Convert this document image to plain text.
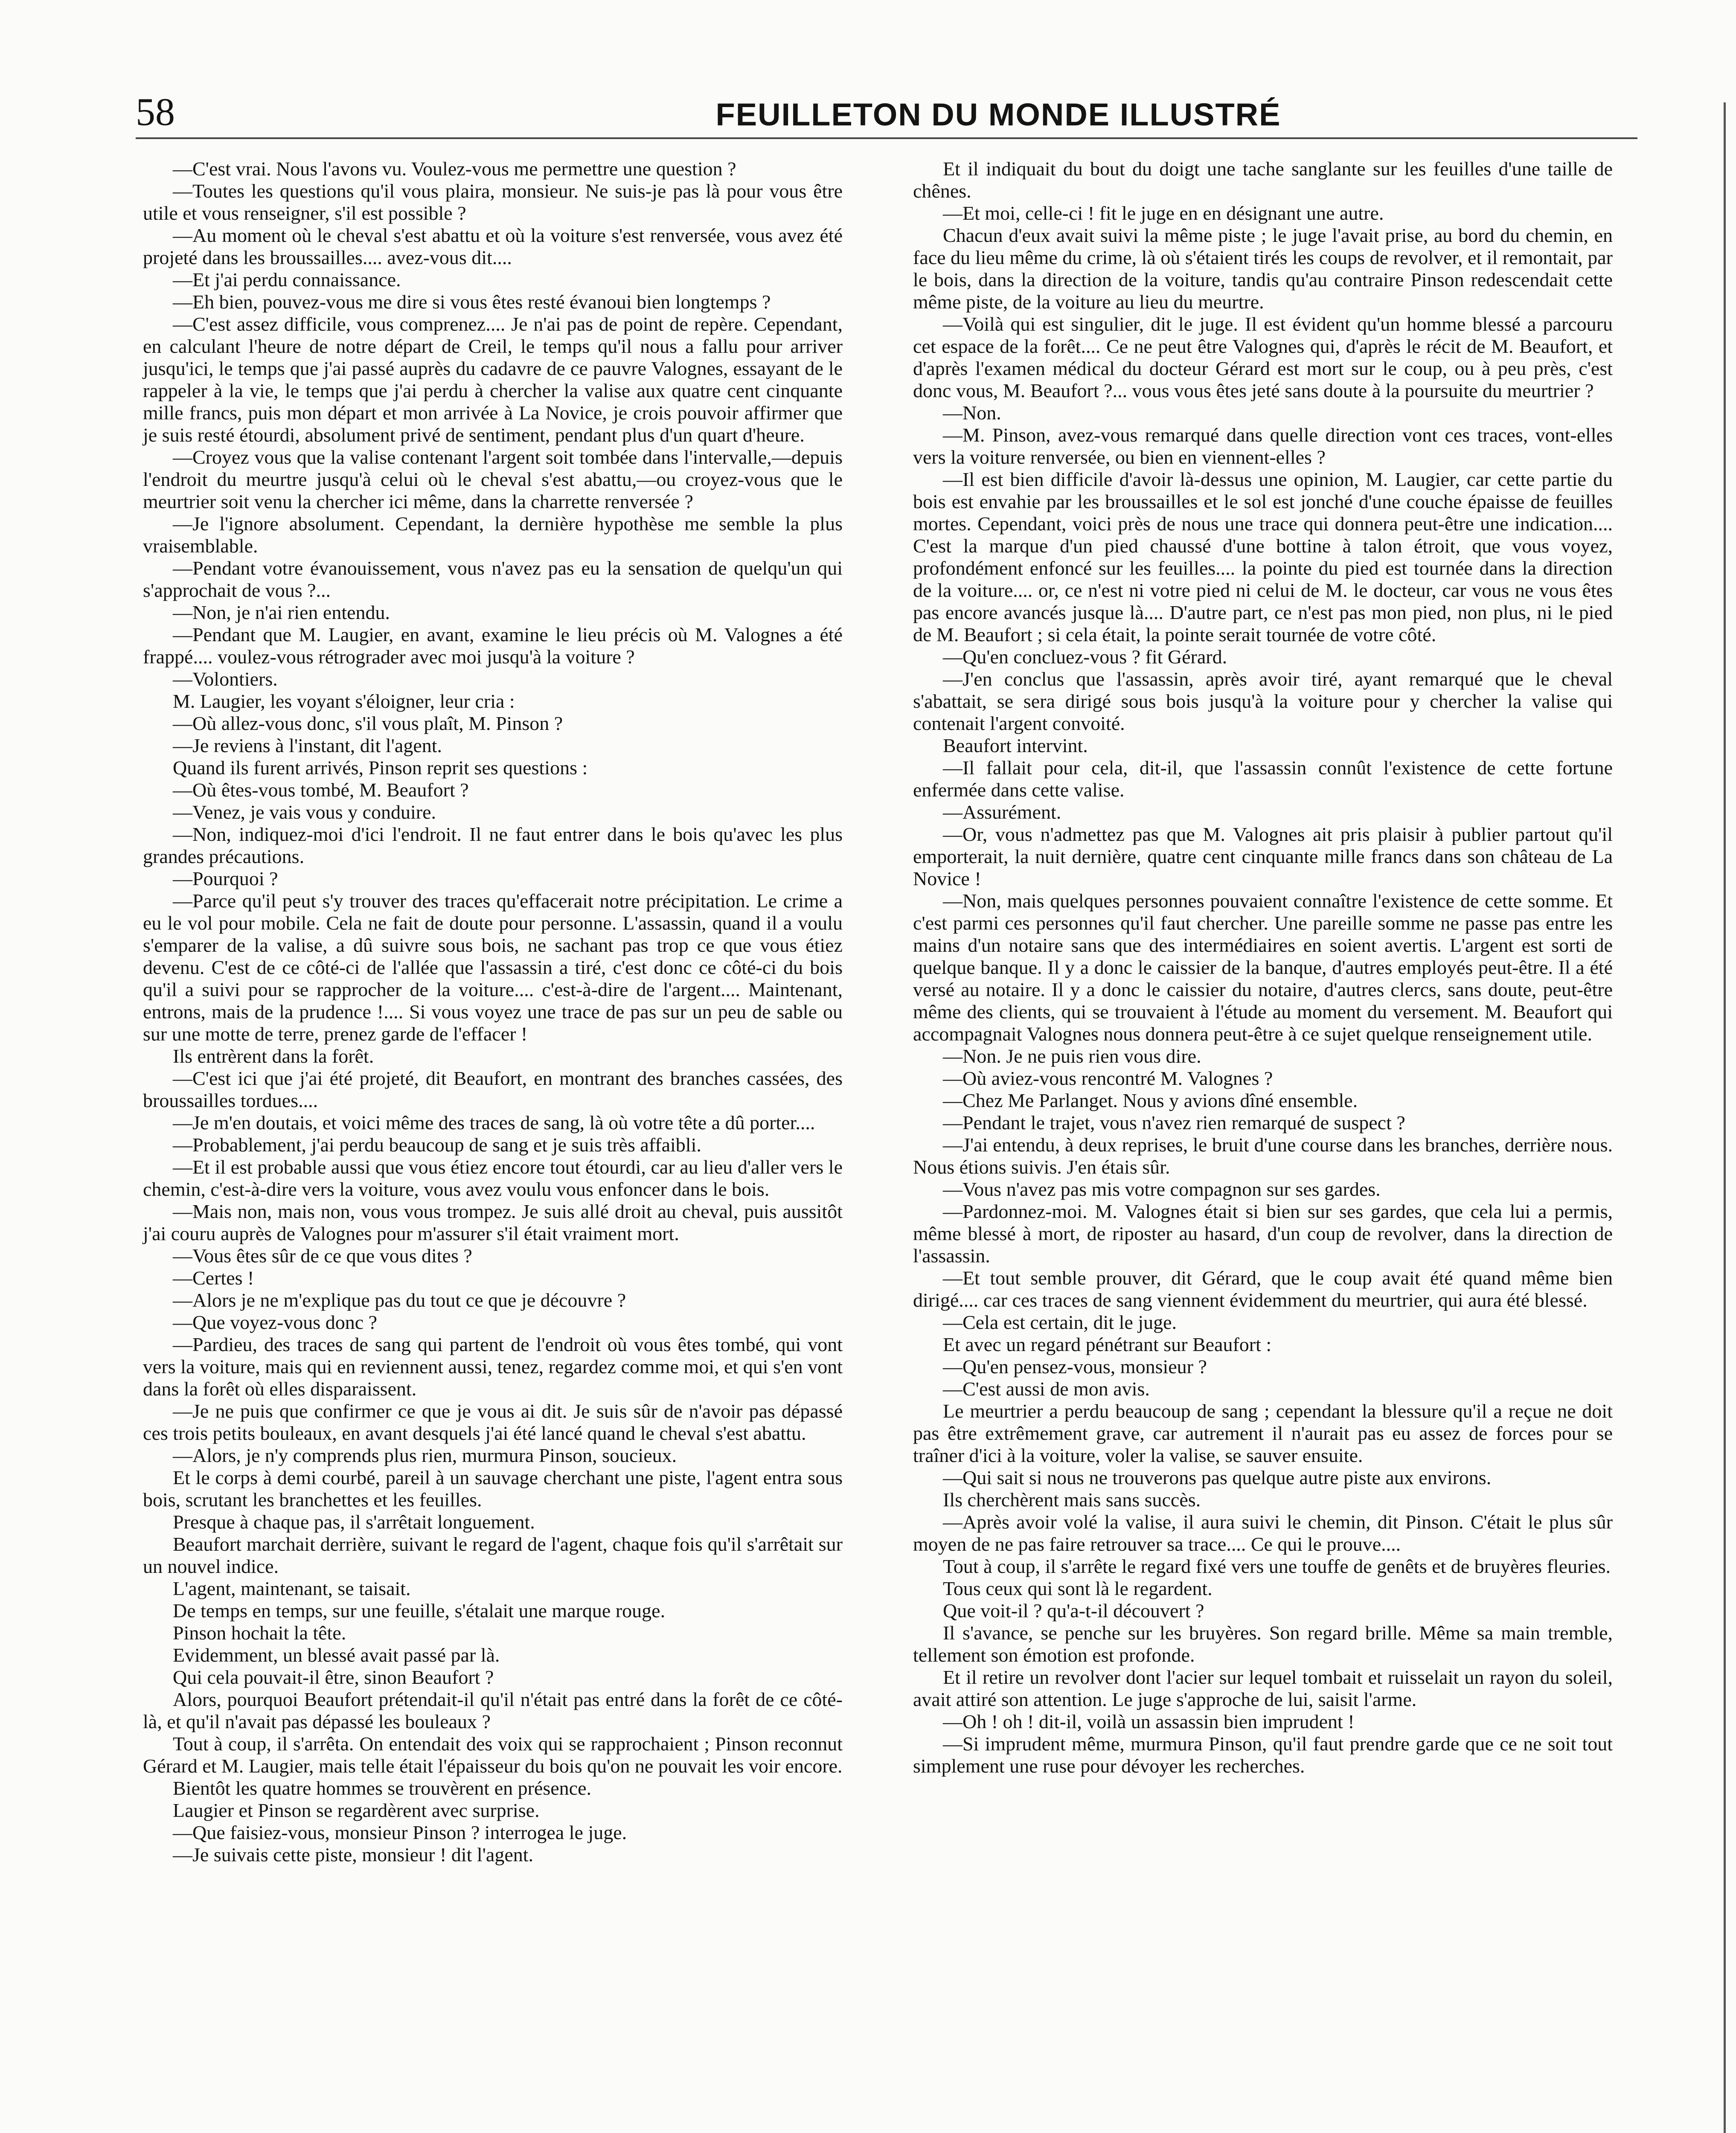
58	FEUILLETON DU MONDE ILLUSTRÉ

—C'est vrai. Nous l'avons vu. Voulez-vous me permettre une question ?

—Toutes les questions qu'il vous plaira, monsieur. Ne suis-je pas là pour vous être utile et vous renseigner, s'il est possible ?

—Au moment où le cheval s'est abattu et où la voiture s'est renversée, vous avez été projeté dans les broussailles.... avez-vous dit....

—Et j'ai perdu connaissance.

—Eh bien, pouvez-vous me dire si vous êtes resté évanoui bien longtemps ?

—C'est assez difficile, vous comprenez.... Je n'ai pas de point de repère. Cependant, en calculant l'heure de notre départ de Creil, le temps qu'il nous a fallu pour arriver jusqu'ici, le temps que j'ai passé auprès du cadavre de ce pauvre Valognes, essayant de le rappeler à la vie, le temps que j'ai perdu à chercher la valise aux quatre cent cinquante mille francs, puis mon départ et mon arrivée à La Novice, je crois pouvoir affirmer que je suis resté étourdi, absolument privé de sentiment, pendant plus d'un quart d'heure.

—Croyez vous que la valise contenant l'argent soit tombée dans l'intervalle,—depuis l'endroit du meurtre jusqu'à celui où le cheval s'est abattu,—ou croyez-vous que le meurtrier soit venu la chercher ici même, dans la charrette renversée ?

—Je l'ignore absolument. Cependant, la dernière hypothèse me semble la plus vraisemblable.

—Pendant votre évanouissement, vous n'avez pas eu la sensation de quelqu'un qui s'approchait de vous ?...

—Non, je n'ai rien entendu.

—Pendant que M. Laugier, en avant, examine le lieu précis où M. Valognes a été frappé.... voulez-vous rétrograder avec moi jusqu'à la voiture ?

—Volontiers.

M. Laugier, les voyant s'éloigner, leur cria :

—Où allez-vous donc, s'il vous plaît, M. Pinson ?

—Je reviens à l'instant, dit l'agent.

Quand ils furent arrivés, Pinson reprit ses questions :

—Où êtes-vous tombé, M. Beaufort ?

—Venez, je vais vous y conduire.

—Non, indiquez-moi d'ici l'endroit. Il ne faut entrer dans le bois qu'avec les plus grandes précautions.

—Pourquoi ?

—Parce qu'il peut s'y trouver des traces qu'effacerait notre précipitation. Le crime a eu le vol pour mobile. Cela ne fait de doute pour personne. L'assassin, quand il a voulu s'emparer de la valise, a dû suivre sous bois, ne sachant pas trop ce que vous étiez devenu. C'est de ce côté-ci de l'allée que l'assassin a tiré, c'est donc ce côté-ci du bois qu'il a suivi pour se rapprocher de la voiture.... c'est-à-dire de l'argent.... Maintenant, entrons, mais de la prudence !.... Si vous voyez une trace de pas sur un peu de sable ou sur une motte de terre, prenez garde de l'effacer !

Ils entrèrent dans la forêt.

—C'est ici que j'ai été projeté, dit Beaufort, en montrant des branches cassées, des broussailles tordues....

—Je m'en doutais, et voici même des traces de sang, là où votre tête a dû porter....

—Probablement, j'ai perdu beaucoup de sang et je suis très affaibli.

—Et il est probable aussi que vous étiez encore tout étourdi, car au lieu d'aller vers le chemin, c'est-à-dire vers la voiture, vous avez voulu vous enfoncer dans le bois.

—Mais non, mais non, vous vous trompez. Je suis allé droit au cheval, puis aussitôt j'ai couru auprès de Valognes pour m'assurer s'il était vraiment mort.

—Vous êtes sûr de ce que vous dites ?

—Certes !

—Alors je ne m'explique pas du tout ce que je découvre ?

—Que voyez-vous donc ?

—Pardieu, des traces de sang qui partent de l'endroit où vous êtes tombé, qui vont vers la voiture, mais qui en reviennent aussi, tenez, regardez comme moi, et qui s'en vont dans la forêt où elles disparaissent.

—Je ne puis que confirmer ce que je vous ai dit. Je suis sûr de n'avoir pas dépassé ces trois petits bouleaux, en avant desquels j'ai été lancé quand le cheval s'est abattu.

—Alors, je n'y comprends plus rien, murmura Pinson, soucieux.

Et le corps à demi courbé, pareil à un sauvage cherchant une piste, l'agent entra sous bois, scrutant les branchettes et les feuilles.

Presque à chaque pas, il s'arrêtait longuement.

Beaufort marchait derrière, suivant le regard de l'agent, chaque fois qu'il s'arrêtait sur un nouvel indice.

L'agent, maintenant, se taisait.

De temps en temps, sur une feuille, s'étalait une marque rouge.

Pinson hochait la tête.

Evidemment, un blessé avait passé par là.

Qui cela pouvait-il être, sinon Beaufort ?

Alors, pourquoi Beaufort prétendait-il qu'il n'était pas entré dans la forêt de ce côté-là, et qu'il n'avait pas dépassé les bouleaux ?

Tout à coup, il s'arrêta. On entendait des voix qui se rapprochaient ; Pinson reconnut Gérard et M. Laugier, mais telle était l'épaisseur du bois qu'on ne pouvait les voir encore.

Bientôt les quatre hommes se trouvèrent en présence.

Laugier et Pinson se regardèrent avec surprise.

—Que faisiez-vous, monsieur Pinson ? interrogea le juge.

—Je suivais cette piste, monsieur ! dit l'agent.

Et il indiquait du bout du doigt une tache sanglante sur les feuilles d'une taille de chênes.

—Et moi, celle-ci ! fit le juge en en désignant une autre.

Chacun d'eux avait suivi la même piste ; le juge l'avait prise, au bord du chemin, en face du lieu même du crime, là où s'étaient tirés les coups de revolver, et il remontait, par le bois, dans la direction de la voiture, tandis qu'au contraire Pinson redescendait cette même piste, de la voiture au lieu du meurtre.

—Voilà qui est singulier, dit le juge. Il est évident qu'un homme blessé a parcouru cet espace de la forêt.... Ce ne peut être Valognes qui, d'après le récit de M. Beaufort, et d'après l'examen médical du docteur Gérard est mort sur le coup, ou à peu près, c'est donc vous, M. Beaufort ?... vous vous êtes jeté sans doute à la poursuite du meurtrier ?

—Non.

—M. Pinson, avez-vous remarqué dans quelle direction vont ces traces, vont-elles vers la voiture renversée, ou bien en viennent-elles ?

—Il est bien difficile d'avoir là-dessus une opinion, M. Laugier, car cette partie du bois est envahie par les broussailles et le sol est jonché d'une couche épaisse de feuilles mortes. Cependant, voici près de nous une trace qui donnera peut-être une indication.... C'est la marque d'un pied chaussé d'une bottine à talon étroit, que vous voyez, profondément enfoncé sur les feuilles.... la pointe du pied est tournée dans la direction de la voiture.... or, ce n'est ni votre pied ni celui de M. le docteur, car vous ne vous êtes pas encore avancés jusque là.... D'autre part, ce n'est pas mon pied, non plus, ni le pied de M. Beaufort ; si cela était, la pointe serait tournée de votre côté.

—Qu'en concluez-vous ? fit Gérard.

—J'en conclus que l'assassin, après avoir tiré, ayant remarqué que le cheval s'abattait, se sera dirigé sous bois jusqu'à la voiture pour y chercher la valise qui contenait l'argent convoité.

Beaufort intervint.

—Il fallait pour cela, dit-il, que l'assassin connût l'existence de cette fortune enfermée dans cette valise.

—Assurément.

—Or, vous n'admettez pas que M. Valognes ait pris plaisir à publier partout qu'il emporterait, la nuit dernière, quatre cent cinquante mille francs dans son château de La Novice !

—Non, mais quelques personnes pouvaient connaître l'existence de cette somme. Et c'est parmi ces personnes qu'il faut chercher. Une pareille somme ne passe pas entre les mains d'un notaire sans que des intermédiaires en soient avertis. L'argent est sorti de quelque banque. Il y a donc le caissier de la banque, d'autres employés peut-être. Il a été versé au notaire. Il y a donc le caissier du notaire, d'autres clercs, sans doute, peut-être même des clients, qui se trouvaient à l'étude au moment du versement. M. Beaufort qui accompagnait Valognes nous donnera peut-être à ce sujet quelque renseignement utile.

—Non. Je ne puis rien vous dire.

—Où aviez-vous rencontré M. Valognes ?

—Chez Me Parlanget. Nous y avions dîné ensemble.

—Pendant le trajet, vous n'avez rien remarqué de suspect ?

—J'ai entendu, à deux reprises, le bruit d'une course dans les branches, derrière nous. Nous étions suivis. J'en étais sûr.

—Vous n'avez pas mis votre compagnon sur ses gardes.

—Pardonnez-moi. M. Valognes était si bien sur ses gardes, que cela lui a permis, même blessé à mort, de riposter au hasard, d'un coup de revolver, dans la direction de l'assassin.

—Et tout semble prouver, dit Gérard, que le coup avait été quand même bien dirigé.... car ces traces de sang viennent évidemment du meurtrier, qui aura été blessé.

—Cela est certain, dit le juge.

Et avec un regard pénétrant sur Beaufort :

—Qu'en pensez-vous, monsieur ?

—C'est aussi de mon avis.

Le meurtrier a perdu beaucoup de sang ; cependant la blessure qu'il a reçue ne doit pas être extrêmement grave, car autrement il n'aurait pas eu assez de forces pour se traîner d'ici à la voiture, voler la valise, se sauver ensuite.

—Qui sait si nous ne trouverons pas quelque autre piste aux environs.

Ils cherchèrent mais sans succès.

—Après avoir volé la valise, il aura suivi le chemin, dit Pinson. C'était le plus sûr moyen de ne pas faire retrouver sa trace.... Ce qui le prouve....

Tout à coup, il s'arrête le regard fixé vers une touffe de genêts et de bruyères fleuries.

Tous ceux qui sont là le regardent.

Que voit-il ? qu'a-t-il découvert ?

Il s'avance, se penche sur les bruyères. Son regard brille. Même sa main tremble, tellement son émotion est profonde.

Et il retire un revolver dont l'acier sur lequel tombait et ruisselait un rayon du soleil, avait attiré son attention. Le juge s'approche de lui, saisit l'arme.

—Oh ! oh ! dit-il, voilà un assassin bien imprudent !

—Si imprudent même, murmura Pinson, qu'il faut prendre garde que ce ne soit tout simplement une ruse pour dévoyer les recherches.
